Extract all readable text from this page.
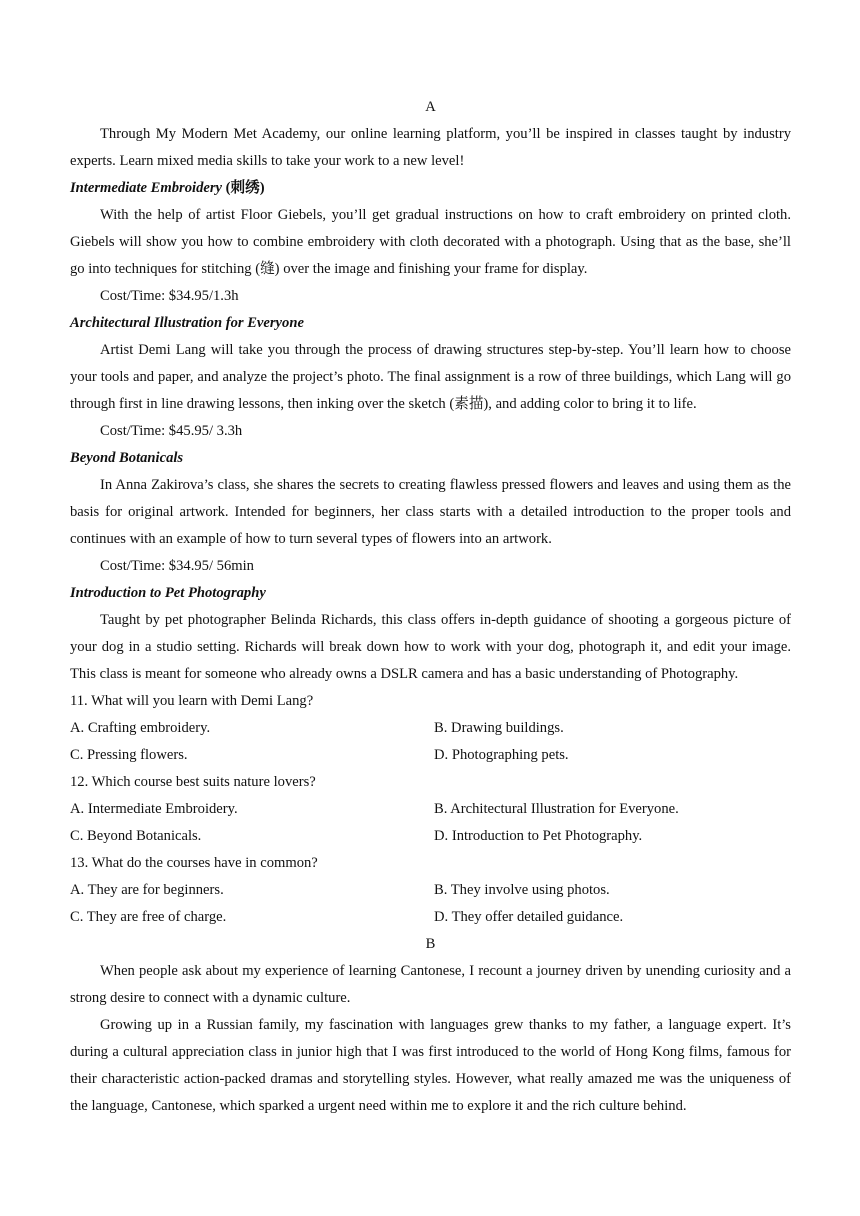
A

Through My Modern Met Academy, our online learning platform, you’ll be inspired in classes taught by industry experts. Learn mixed media skills to take your work to a new level!

Intermediate Embroidery (刺绣)

With the help of artist Floor Giebels, you’ll get gradual instructions on how to craft embroidery on printed cloth. Giebels will show you how to combine embroidery with cloth decorated with a photograph. Using that as the base, she’ll go into techniques for stitching (缝) over the image and finishing your frame for display.

Cost/Time: $34.95/1.3h
Architectural Illustration for Everyone

Artist Demi Lang will take you through the process of drawing structures step-by-step. You’ll learn how to choose your tools and paper, and analyze the project’s photo. The final assignment is a row of three buildings, which Lang will go through first in line drawing lessons, then inking over the sketch (素描), and adding color to bring it to life.

Cost/Time: $45.95/ 3.3h
Beyond Botanicals

In Anna Zakirova’s class, she shares the secrets to creating flawless pressed flowers and leaves and using them as the basis for original artwork. Intended for beginners, her class starts with a detailed introduction to the proper tools and continues with an example of how to turn several types of flowers into an artwork.

Cost/Time: $34.95/ 56min
Introduction to Pet Photography

Taught by pet photographer Belinda Richards, this class offers in-depth guidance of shooting a gorgeous picture of your dog in a studio setting. Richards will break down how to work with your dog, photograph it, and edit your image. This class is meant for someone who already owns a DSLR camera and has a basic understanding of Photography.

11. What will you learn with Demi Lang?
A. Crafting embroidery.	B. Drawing buildings.
C. Pressing flowers.	D. Photographing pets.
12. Which course best suits nature lovers?
A. Intermediate Embroidery.	B. Architectural Illustration for Everyone.
C. Beyond Botanicals.	D. Introduction to Pet Photography.
13. What do the courses have in common?
A. They are for beginners.	B. They involve using photos.
C. They are free of charge.	D. They offer detailed guidance.
B

When people ask about my experience of learning Cantonese, I recount a journey driven by unending curiosity and a strong desire to connect with a dynamic culture.

Growing up in a Russian family, my fascination with languages grew thanks to my father, a language expert. It’s during a cultural appreciation class in junior high that I was first introduced to the world of Hong Kong films, famous for their characteristic action-packed dramas and storytelling styles. However, what really amazed me was the uniqueness of the language, Cantonese, which sparked a urgent need within me to explore it and the rich culture behind.
